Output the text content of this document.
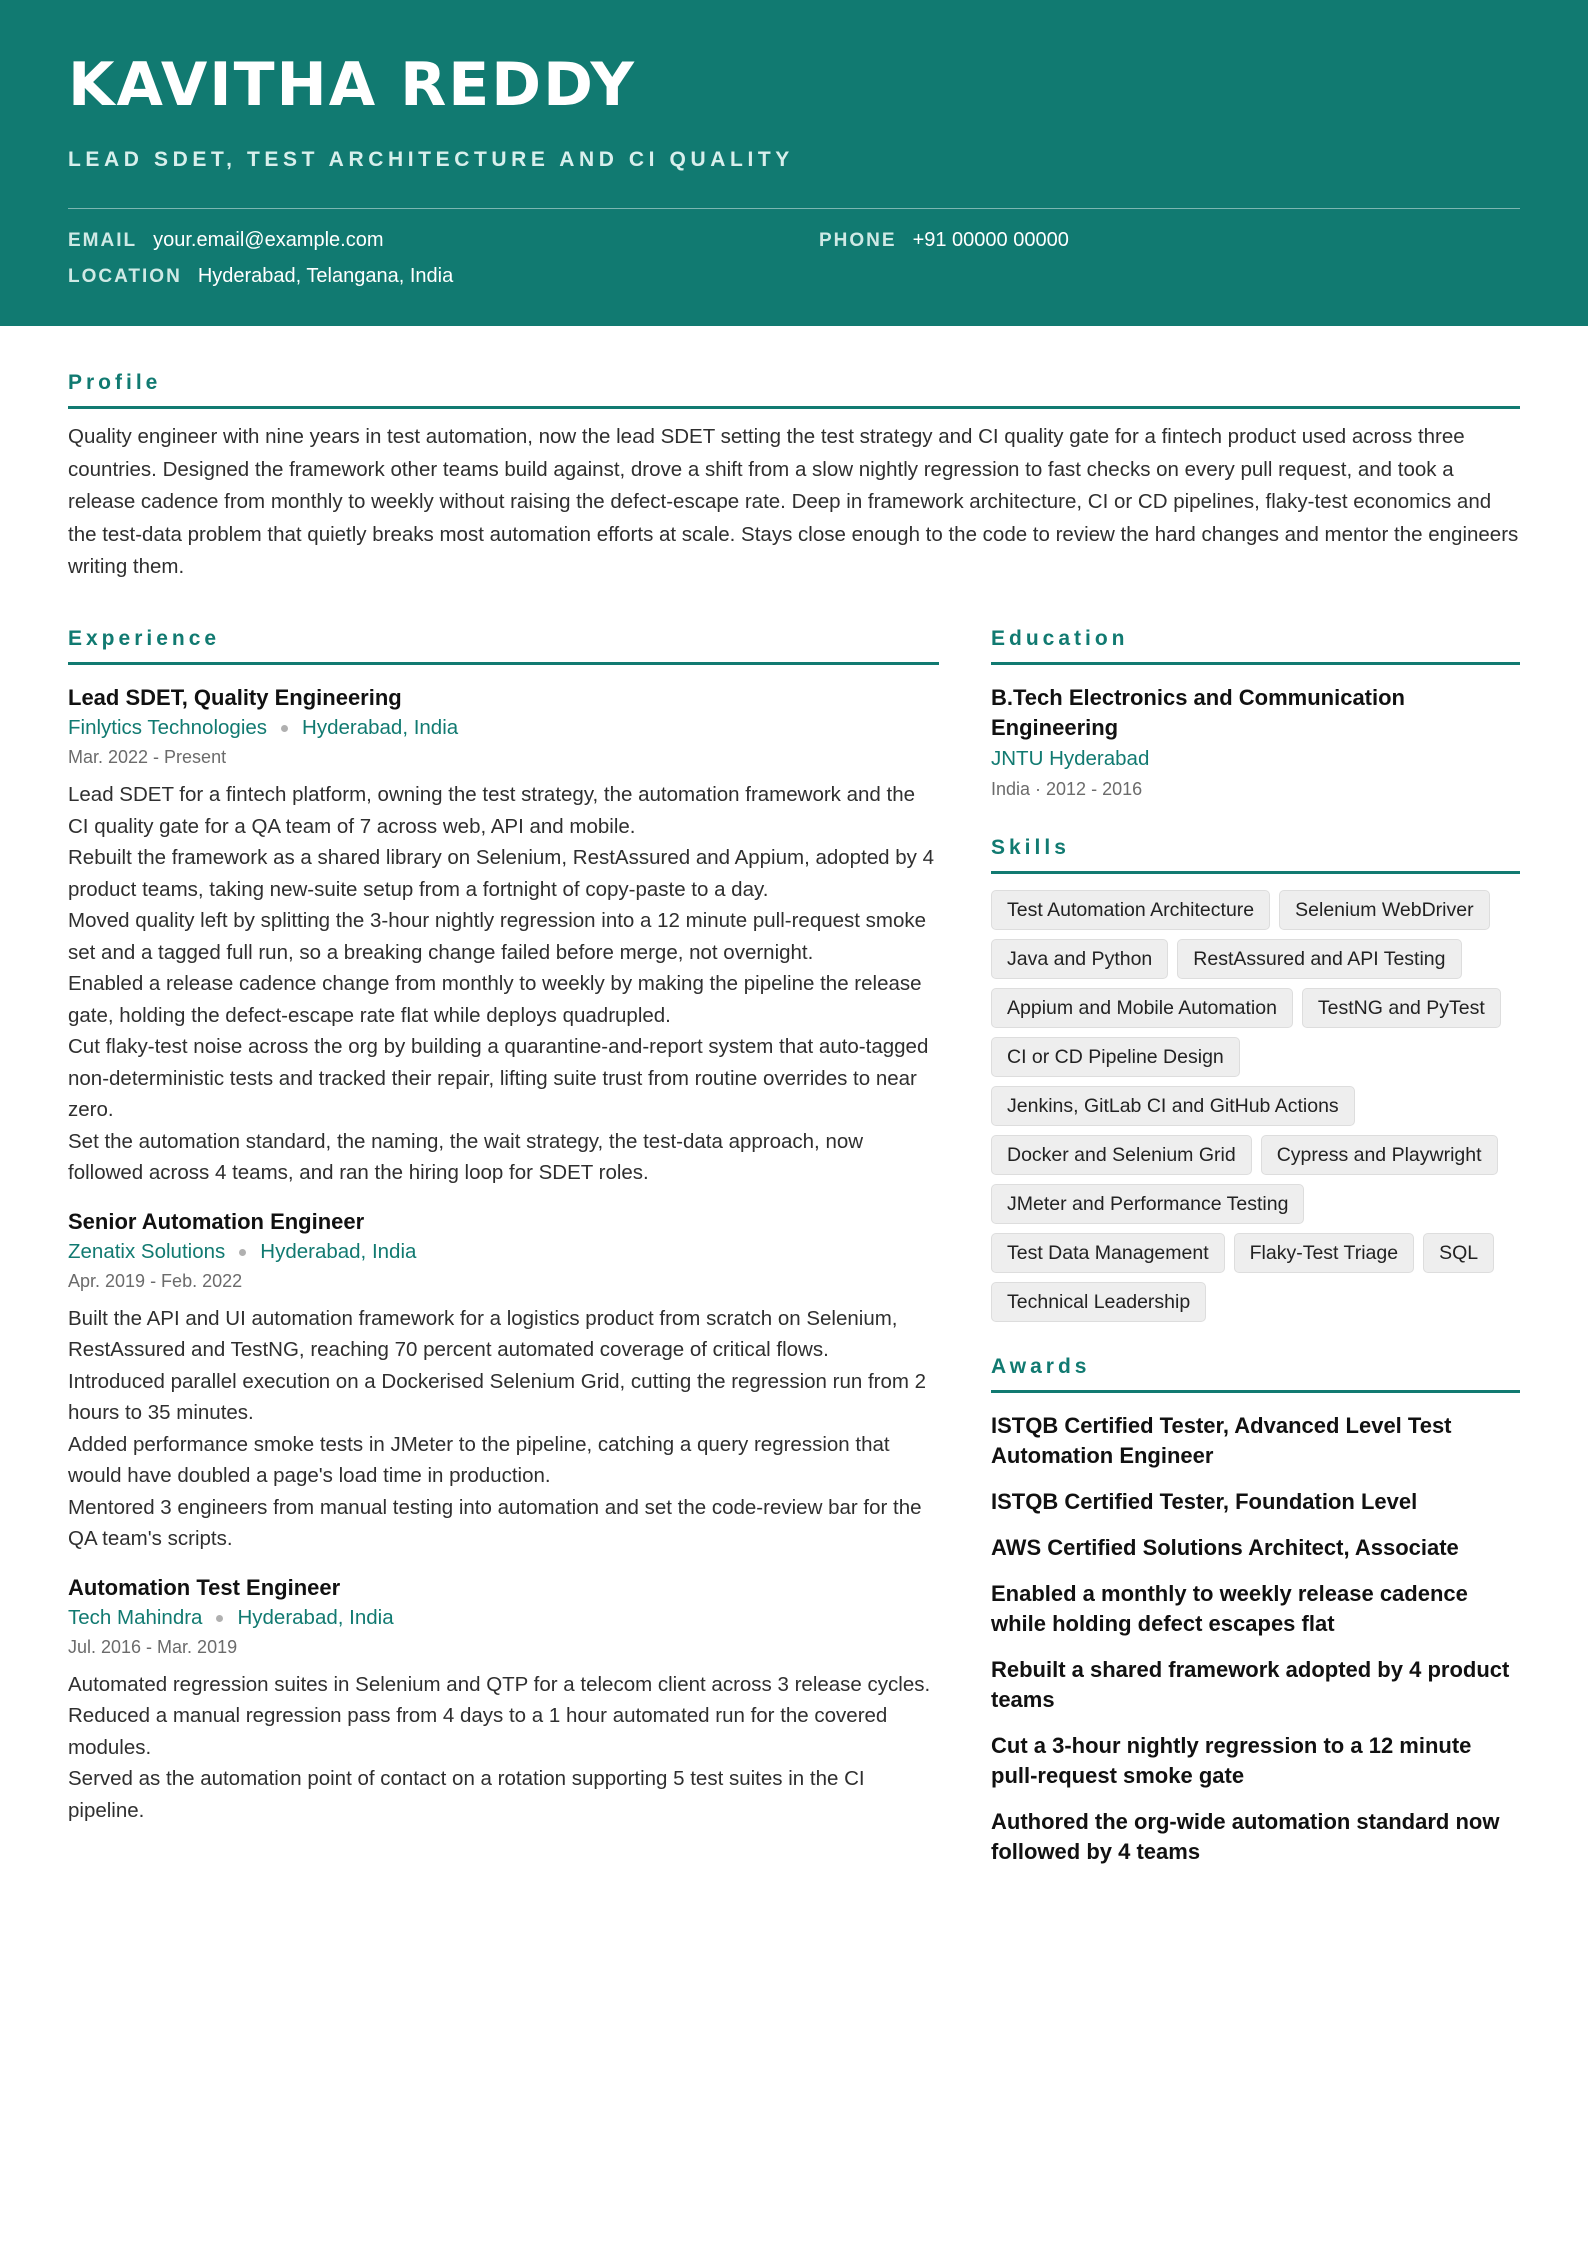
KAVITHA REDDY
LEAD SDET, TEST ARCHITECTURE AND CI QUALITY
EMAIL your.email@example.com	PHONE +91 00000 00000
LOCATION Hyderabad, Telangana, India
Profile
Quality engineer with nine years in test automation, now the lead SDET setting the test strategy and CI quality gate for a fintech product used across three countries. Designed the framework other teams build against, drove a shift from a slow nightly regression to fast checks on every pull request, and took a release cadence from monthly to weekly without raising the defect-escape rate. Deep in framework architecture, CI or CD pipelines, flaky-test economics and the test-data problem that quietly breaks most automation efforts at scale. Stays close enough to the code to review the hard changes and mentor the engineers writing them.
Experience
Lead SDET, Quality Engineering
Finlytics Technologies Hyderabad, India
Mar. 2022 - Present
Lead SDET for a fintech platform, owning the test strategy, the automation framework and the CI quality gate for a QA team of 7 across web, API and mobile.
Rebuilt the framework as a shared library on Selenium, RestAssured and Appium, adopted by 4 product teams, taking new-suite setup from a fortnight of copy-paste to a day.
Moved quality left by splitting the 3-hour nightly regression into a 12 minute pull-request smoke set and a tagged full run, so a breaking change failed before merge, not overnight.
Enabled a release cadence change from monthly to weekly by making the pipeline the release gate, holding the defect-escape rate flat while deploys quadrupled.
Cut flaky-test noise across the org by building a quarantine-and-report system that auto-tagged non-deterministic tests and tracked their repair, lifting suite trust from routine overrides to near zero.
Set the automation standard, the naming, the wait strategy, the test-data approach, now followed across 4 teams, and ran the hiring loop for SDET roles.
Senior Automation Engineer
Zenatix Solutions Hyderabad, India
Apr. 2019 - Feb. 2022
Built the API and UI automation framework for a logistics product from scratch on Selenium, RestAssured and TestNG, reaching 70 percent automated coverage of critical flows.
Introduced parallel execution on a Dockerised Selenium Grid, cutting the regression run from 2 hours to 35 minutes.
Added performance smoke tests in JMeter to the pipeline, catching a query regression that would have doubled a page's load time in production.
Mentored 3 engineers from manual testing into automation and set the code-review bar for the QA team's scripts.
Automation Test Engineer
Tech Mahindra Hyderabad, India
Jul. 2016 - Mar. 2019
Automated regression suites in Selenium and QTP for a telecom client across 3 release cycles.
Reduced a manual regression pass from 4 days to a 1 hour automated run for the covered modules.
Served as the automation point of contact on a rotation supporting 5 test suites in the CI pipeline.
Education
B.Tech Electronics and Communication Engineering
JNTU Hyderabad
India · 2012 - 2016
Skills
Test Automation Architecture	Selenium WebDriver
Java and Python	RestAssured and API Testing
Appium and Mobile Automation	TestNG and PyTest
CI or CD Pipeline Design
Jenkins, GitLab CI and GitHub Actions
Docker and Selenium Grid	Cypress and Playwright
JMeter and Performance Testing
Test Data Management	Flaky-Test Triage	SQL
Technical Leadership
Awards
ISTQB Certified Tester, Advanced Level Test Automation Engineer
ISTQB Certified Tester, Foundation Level
AWS Certified Solutions Architect, Associate
Enabled a monthly to weekly release cadence while holding defect escapes flat
Rebuilt a shared framework adopted by 4 product teams
Cut a 3-hour nightly regression to a 12 minute pull-request smoke gate
Authored the org-wide automation standard now followed by 4 teams
